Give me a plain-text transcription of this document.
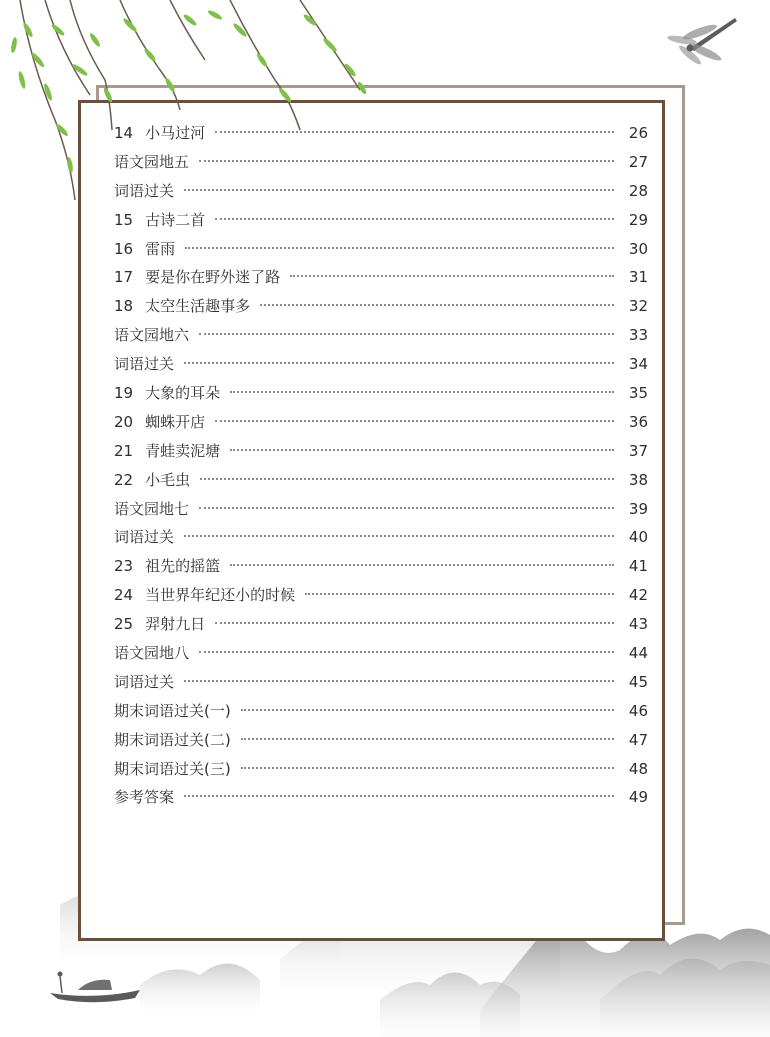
14 小马过河	26
语文园地五	27
词语过关	28
15 古诗二首	29
16 雷雨	30
17 要是你在野外迷了路	31
18 太空生活趣事多	32
语文园地六	33
词语过关	34
19 大象的耳朵	35
20 蜘蛛开店	36
21 青蛙卖泥塘	37
22 小毛虫	38
语文园地七	39
词语过关	40
23 祖先的摇篮	41
24 当世界年纪还小的时候	42
25 羿射九日	43
语文园地八	44
词语过关	45
期末词语过关(一)	46
期末词语过关(二)	47
期末词语过关(三)	48
参考答案	49
